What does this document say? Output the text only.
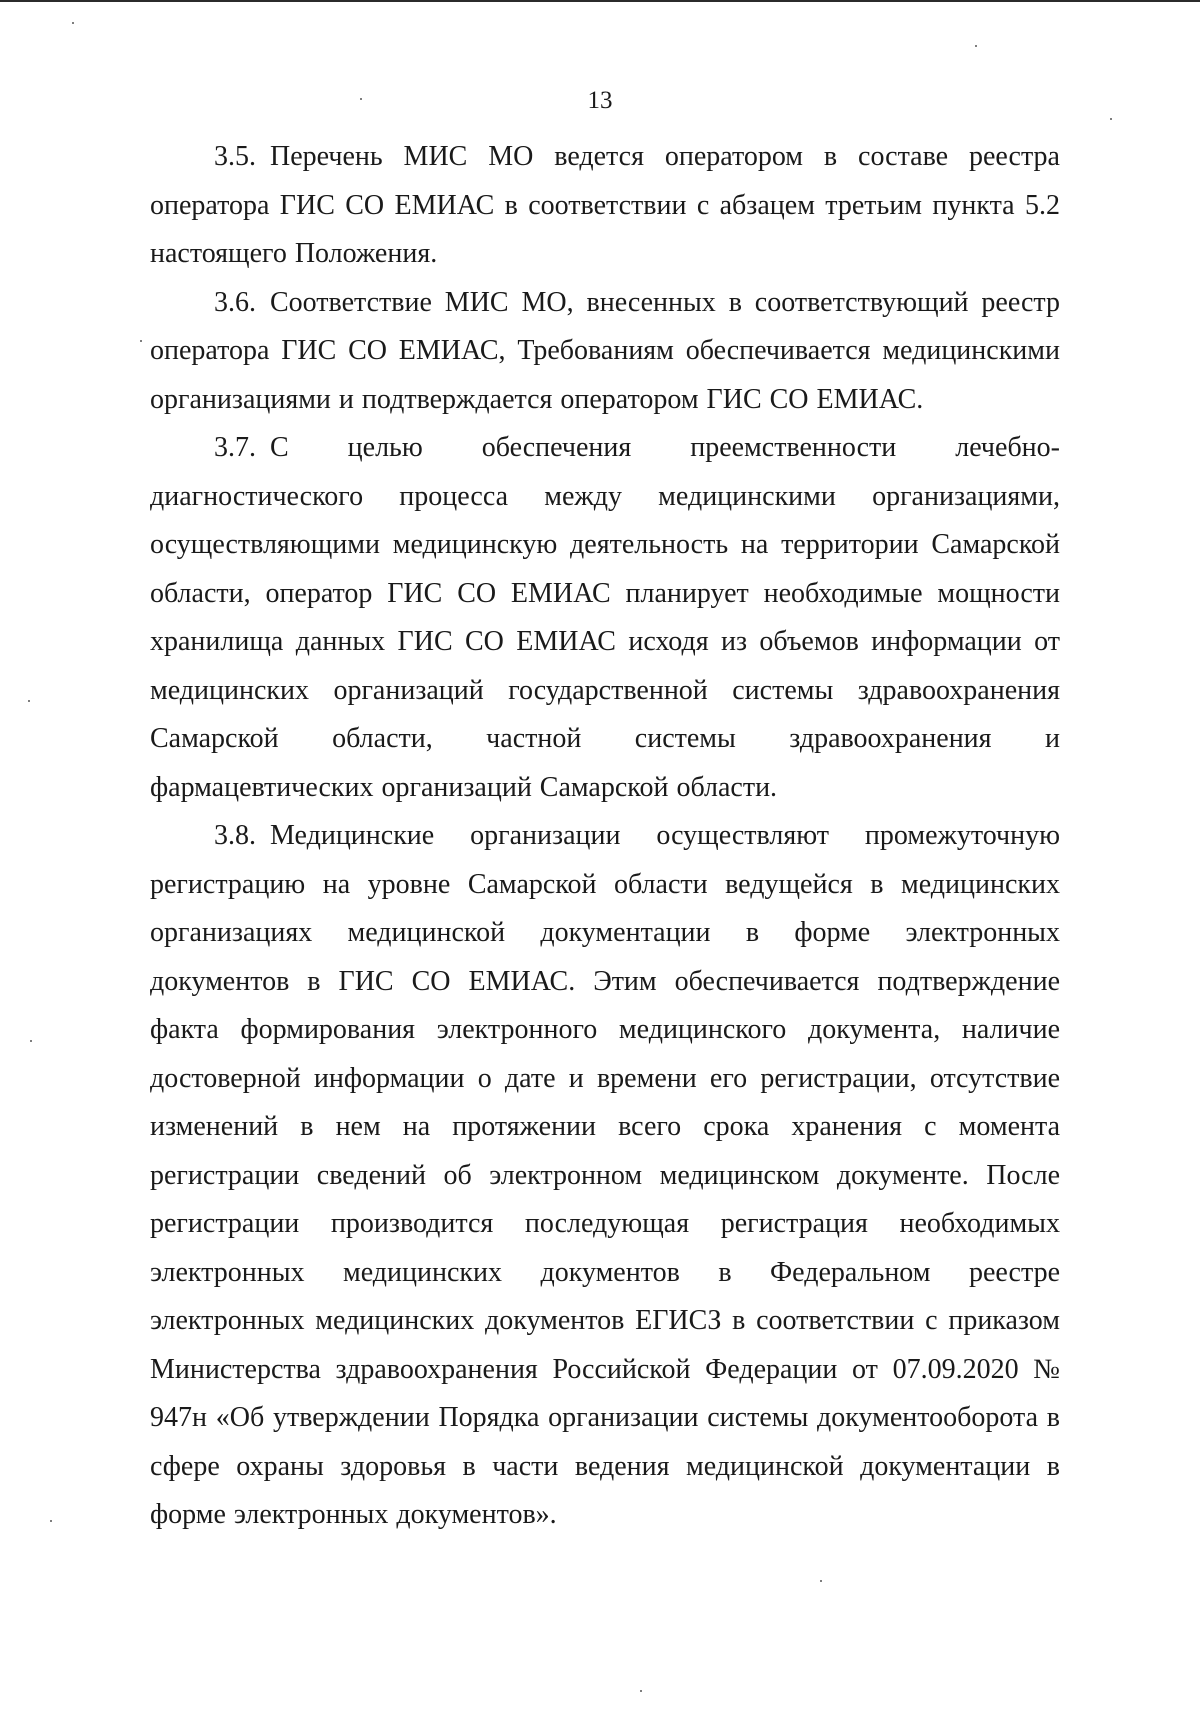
13

3.5. Перечень МИС МО ведется оператором в составе реестра оператора ГИС СО ЕМИАС в соответствии с абзацем третьим пункта 5.2 настоящего Положения.

3.6. Соответствие МИС МО, внесенных в соответствующий реестр оператора ГИС СО ЕМИАС, Требованиям обеспечивается медицинскими организациями и подтверждается оператором ГИС СО ЕМИАС.

3.7. С целью обеспечения преемственности лечебно-диагностического процесса между медицинскими организациями, осуществляющими медицинскую деятельность на территории Самарской области, оператор ГИС СО ЕМИАС планирует необходимые мощности хранилища данных ГИС СО ЕМИАС исходя из объемов информации от медицинских организаций государственной системы здравоохранения Самарской области, частной системы здравоохранения и фармацевтических организаций Самарской области.

3.8. Медицинские организации осуществляют промежуточную регистрацию на уровне Самарской области ведущейся в медицинских организациях медицинской документации в форме электронных документов в ГИС СО ЕМИАС. Этим обеспечивается подтверждение факта формирования электронного медицинского документа, наличие достоверной информации о дате и времени его регистрации, отсутствие изменений в нем на протяжении всего срока хранения с момента регистрации сведений об электронном медицинском документе. После регистрации производится последующая регистрация необходимых электронных медицинских документов в Федеральном реестре электронных медицинских документов ЕГИСЗ в соответствии с приказом Министерства здравоохранения Российской Федерации от 07.09.2020 № 947н «Об утверждении Порядка организации системы документооборота в сфере охраны здоровья в части ведения медицинской документации в форме электронных документов».
